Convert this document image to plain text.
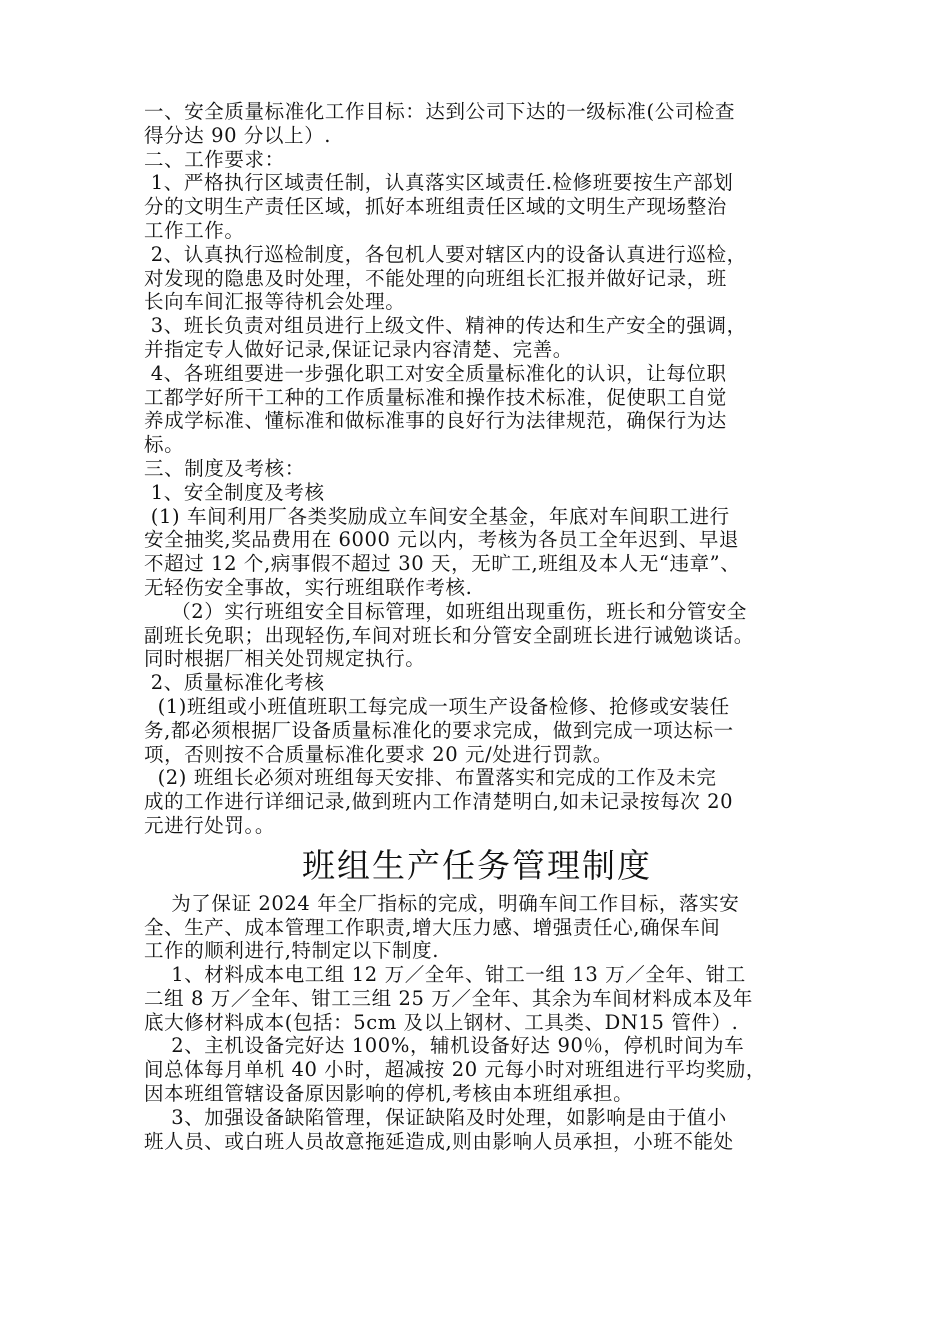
一、安全质量标准化工作目标：达到公司下达的一级标准(公司检查
得分达 90 分以上）.
二、工作要求：
1、严格执行区域责任制，认真落实区域责任.检修班要按生产部划
分的文明生产责任区域，抓好本班组责任区域的文明生产现场整治
工作工作。
2、认真执行巡检制度，各包机人要对辖区内的设备认真进行巡检，
对发现的隐患及时处理，不能处理的向班组长汇报并做好记录，班
长向车间汇报等待机会处理。
3、班长负责对组员进行上级文件、精神的传达和生产安全的强调，
并指定专人做好记录,保证记录内容清楚、完善。
4、各班组要进一步强化职工对安全质量标准化的认识，让每位职
工都学好所干工种的工作质量标准和操作技术标准，促使职工自觉
养成学标准、懂标准和做标准事的良好行为法律规范，确保行为达
标。
三、制度及考核：
1、安全制度及考核
(1) 车间利用厂各类奖励成立车间安全基金，年底对车间职工进行
安全抽奖,奖品费用在 6000 元以内，考核为各员工全年迟到、早退
不超过 12 个,病事假不超过 30 天，无旷工,班组及本人无“违章”、
无轻伤安全事故，实行班组联作考核.
（2）实行班组安全目标管理，如班组出现重伤，班长和分管安全
副班长免职；出现轻伤,车间对班长和分管安全副班长进行诫勉谈话。
同时根据厂相关处罚规定执行。
2、质量标准化考核
(1)班组或小班值班职工每完成一项生产设备检修、抢修或安装任
务,都必须根据厂设备质量标准化的要求完成，做到完成一项达标一
项，否则按不合质量标准化要求 20 元/处进行罚款。
(2) 班组长必须对班组每天安排、布置落实和完成的工作及未完
成的工作进行详细记录,做到班内工作清楚明白,如未记录按每次 20
元进行处罚。。
班组生产任务管理制度
为了保证 2024 年全厂指标的完成，明确车间工作目标，落实安
全、生产、成本管理工作职责,增大压力感、增强责任心,确保车间
工作的顺利进行,特制定以下制度.
1、材料成本电工组 12 万／全年、钳工一组 13 万／全年、钳工
二组 8 万／全年、钳工三组 25 万／全年、其余为车间材料成本及年
底大修材料成本(包括：5cm 及以上钢材、工具类、DN15 管件）.
2、主机设备完好达 100%，辅机设备好达 90％，停机时间为车
间总体每月单机 40 小时，超减按 20 元每小时对班组进行平均奖励，
因本班组管辖设备原因影响的停机,考核由本班组承担。
3、加强设备缺陷管理，保证缺陷及时处理，如影响是由于值小
班人员、或白班人员故意拖延造成,则由影响人员承担，小班不能处
